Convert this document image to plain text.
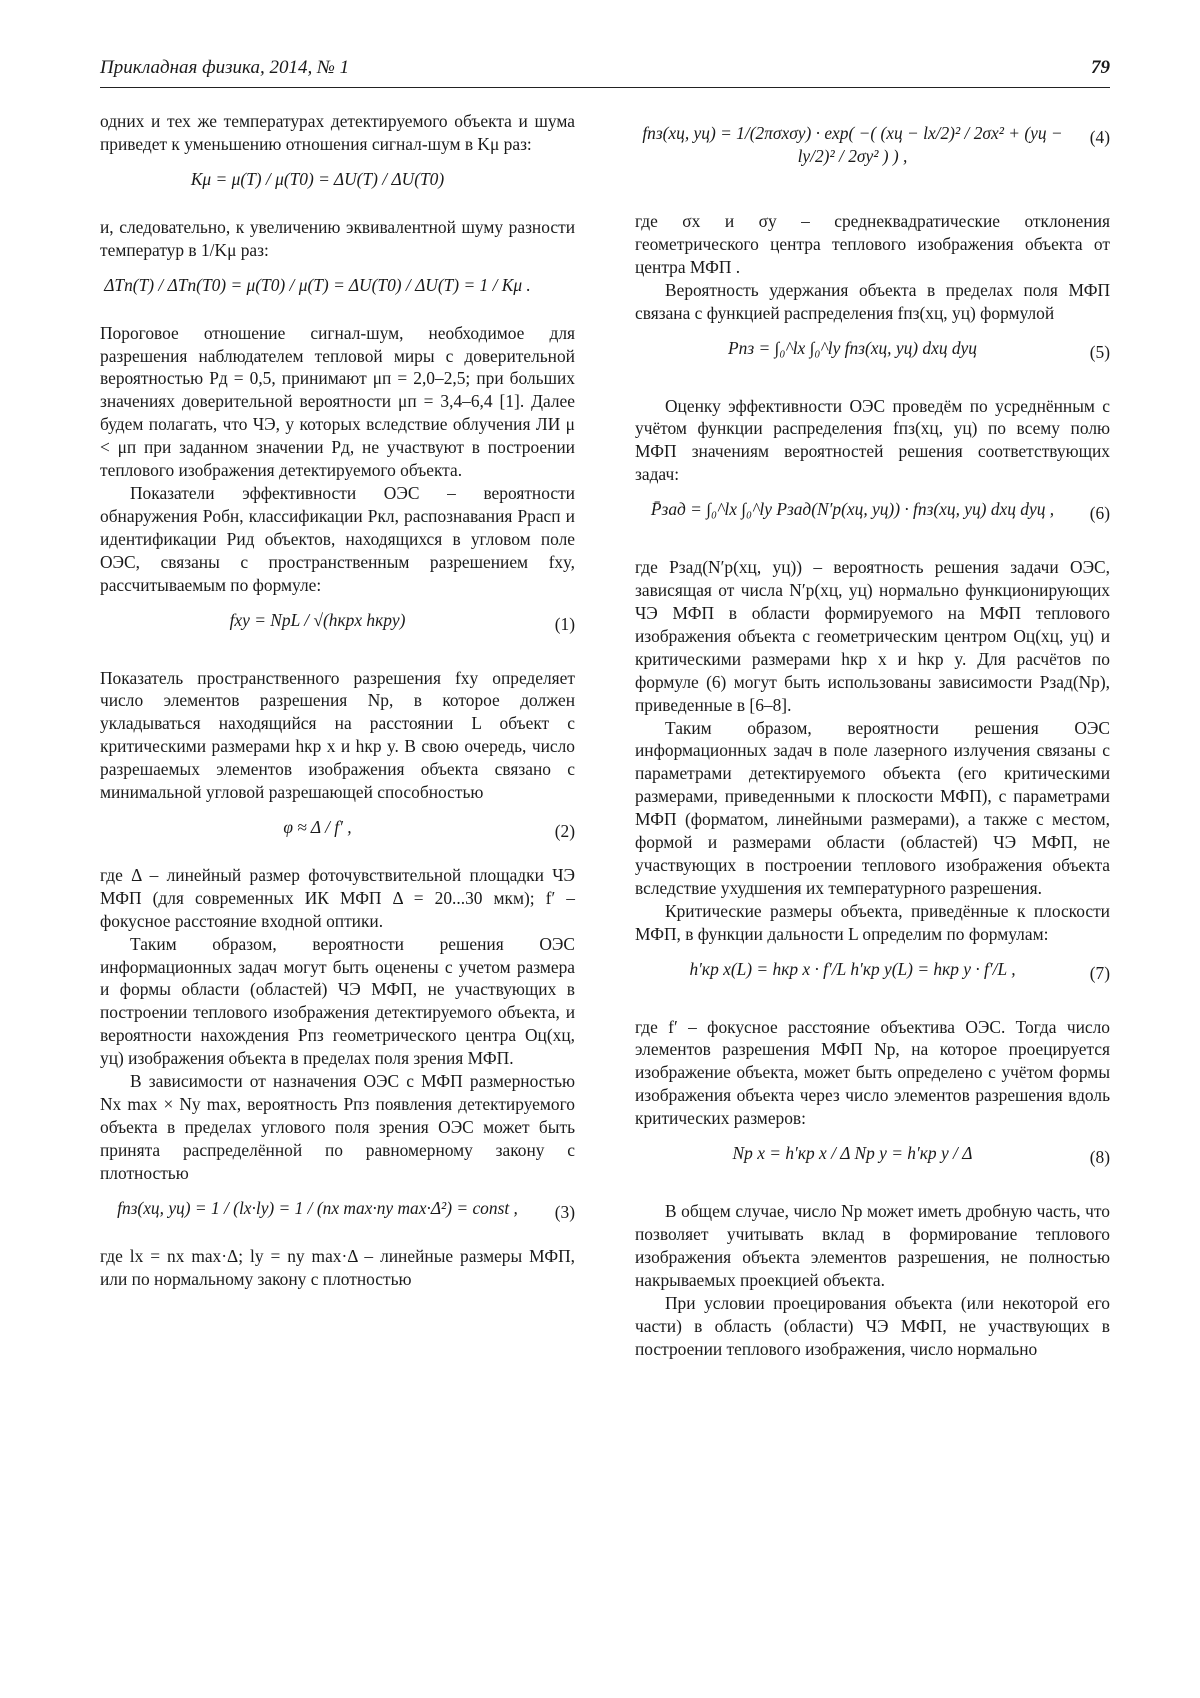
Прикладная физика, 2014, № 1	79

одних и тех же температурах детектируемого объекта и шума приведет к уменьшению отношения сигнал-шум в Kμ раз:

Kμ = μ(T) / μ(T0) = ΔU(T) / ΔU(T0)

и, следовательно, к увеличению эквивалентной шуму разности температур в 1/Kμ раз:

ΔTn(T) / ΔTn(T0) = μ(T0) / μ(T) = ΔU(T0) / ΔU(T) = 1 / Kμ .

Пороговое отношение сигнал-шум, необходимое для разрешения наблюдателем тепловой миры с доверительной вероятностью Pд = 0,5, принимают μп = 2,0–2,5; при больших значениях доверительной вероятности μп = 3,4–6,4 [1]. Далее будем полагать, что ЧЭ, у которых вследствие облучения ЛИ μ < μп при заданном значении Pд, не участвуют в построении теплового изображения детектируемого объекта.

Показатели эффективности ОЭС – вероятности обнаружения Pобн, классификации Pкл, распознавания Pрасп и идентификации Pид объектов, находящихся в угловом поле ОЭС, связаны с пространственным разрешением fxy, рассчитываемым по формуле:

fxy = NpL / √(hкрx hкрy)	(1)

Показатель пространственного разрешения fxy определяет число элементов разрешения Np, в которое должен укладываться находящийся на расстоянии L объект с критическими размерами hкр x и hкр y. В свою очередь, число разрешаемых элементов изображения объекта связано с минимальной угловой разрешающей способностью

φ ≈ Δ / f′ ,	(2)

где Δ – линейный размер фоточувствительной площадки ЧЭ МФП (для современных ИК МФП Δ = 20...30 мкм); f′ – фокусное расстояние входной оптики.

Таким образом, вероятности решения ОЭС информационных задач могут быть оценены с учетом размера и формы области (областей) ЧЭ МФП, не участвующих в построении теплового изображения детектируемого объекта, и вероятности нахождения Pпз геометрического центра Oц(xц, yц) изображения объекта в пределах поля зрения МФП.

В зависимости от назначения ОЭС с МФП размерностью Nx max × Ny max, вероятность Pпз появления детектируемого объекта в пределах углового поля зрения ОЭС может быть принята распределённой по равномерному закону с плотностью

fпз(xц, yц) = 1 / (lx·ly) = 1 / (nx max·ny max·Δ²) = const ,	(3)

где lx = nx max·Δ; ly = ny max·Δ – линейные размеры МФП, или по нормальному закону с плотностью

fпз(xц, yц) = 1/(2πσxσy) · exp( −( (xц − lx/2)² / 2σx² + (yц − ly/2)² / 2σy² ) ) ,
(4)

где σx и σy – среднеквадратические отклонения геометрического центра теплового изображения объекта от центра МФП .

Вероятность удержания объекта в пределах поля МФП связана с функцией распределения fпз(xц, yц) формулой

Pпз = ∫₀^lx ∫₀^ly fпз(xц, yц) dxц dyц	(5)

Оценку эффективности ОЭС проведём по усреднённым с учётом функции распределения fпз(xц, yц) по всему полю МФП значениям вероятностей решения соответствующих задач:

P̄зад = ∫₀^lx ∫₀^ly Pзад(N′p(xц, yц)) · fпз(xц, yц) dxц dyц ,	(6)

где Pзад(N′p(xц, yц)) – вероятность решения задачи ОЭС, зависящая от числа N′p(xц, yц) нормально функционирующих ЧЭ МФП в области формируемого на МФП теплового изображения объекта с геометрическим центром Oц(xц, yц) и критическими размерами hкр x и hкр y. Для расчётов по формуле (6) могут быть использованы зависимости Pзад(Np), приведенные в [6–8].

Таким образом, вероятности решения ОЭС информационных задач в поле лазерного излучения связаны с параметрами детектируемого объекта (его критическими размерами, приведенными к плоскости МФП), с параметрами МФП (форматом, линейными размерами), а также с местом, формой и размерами области (областей) ЧЭ МФП, не участвующих в построении теплового изображения объекта вследствие ухудшения их температурного разрешения.

Критические размеры объекта, приведённые к плоскости МФП, в функции дальности L определим по формулам:

h′кр x(L) = hкр x · f′/L h′кр y(L) = hкр y · f′/L ,	(7)

где f′ – фокусное расстояние объектива ОЭС. Тогда число элементов разрешения МФП Np, на которое проецируется изображение объекта, может быть определено с учётом формы изображения объекта через число элементов разрешения вдоль критических размеров:

Np x = h′кр x / Δ Np y = h′кр y / Δ	(8)

В общем случае, число Np может иметь дробную часть, что позволяет учитывать вклад в формирование теплового изображения объекта элементов разрешения, не полностью накрываемых проекцией объекта.

При условии проецирования объекта (или некоторой его части) в область (области) ЧЭ МФП, не участвующих в построении теплового изображения, число нормально
